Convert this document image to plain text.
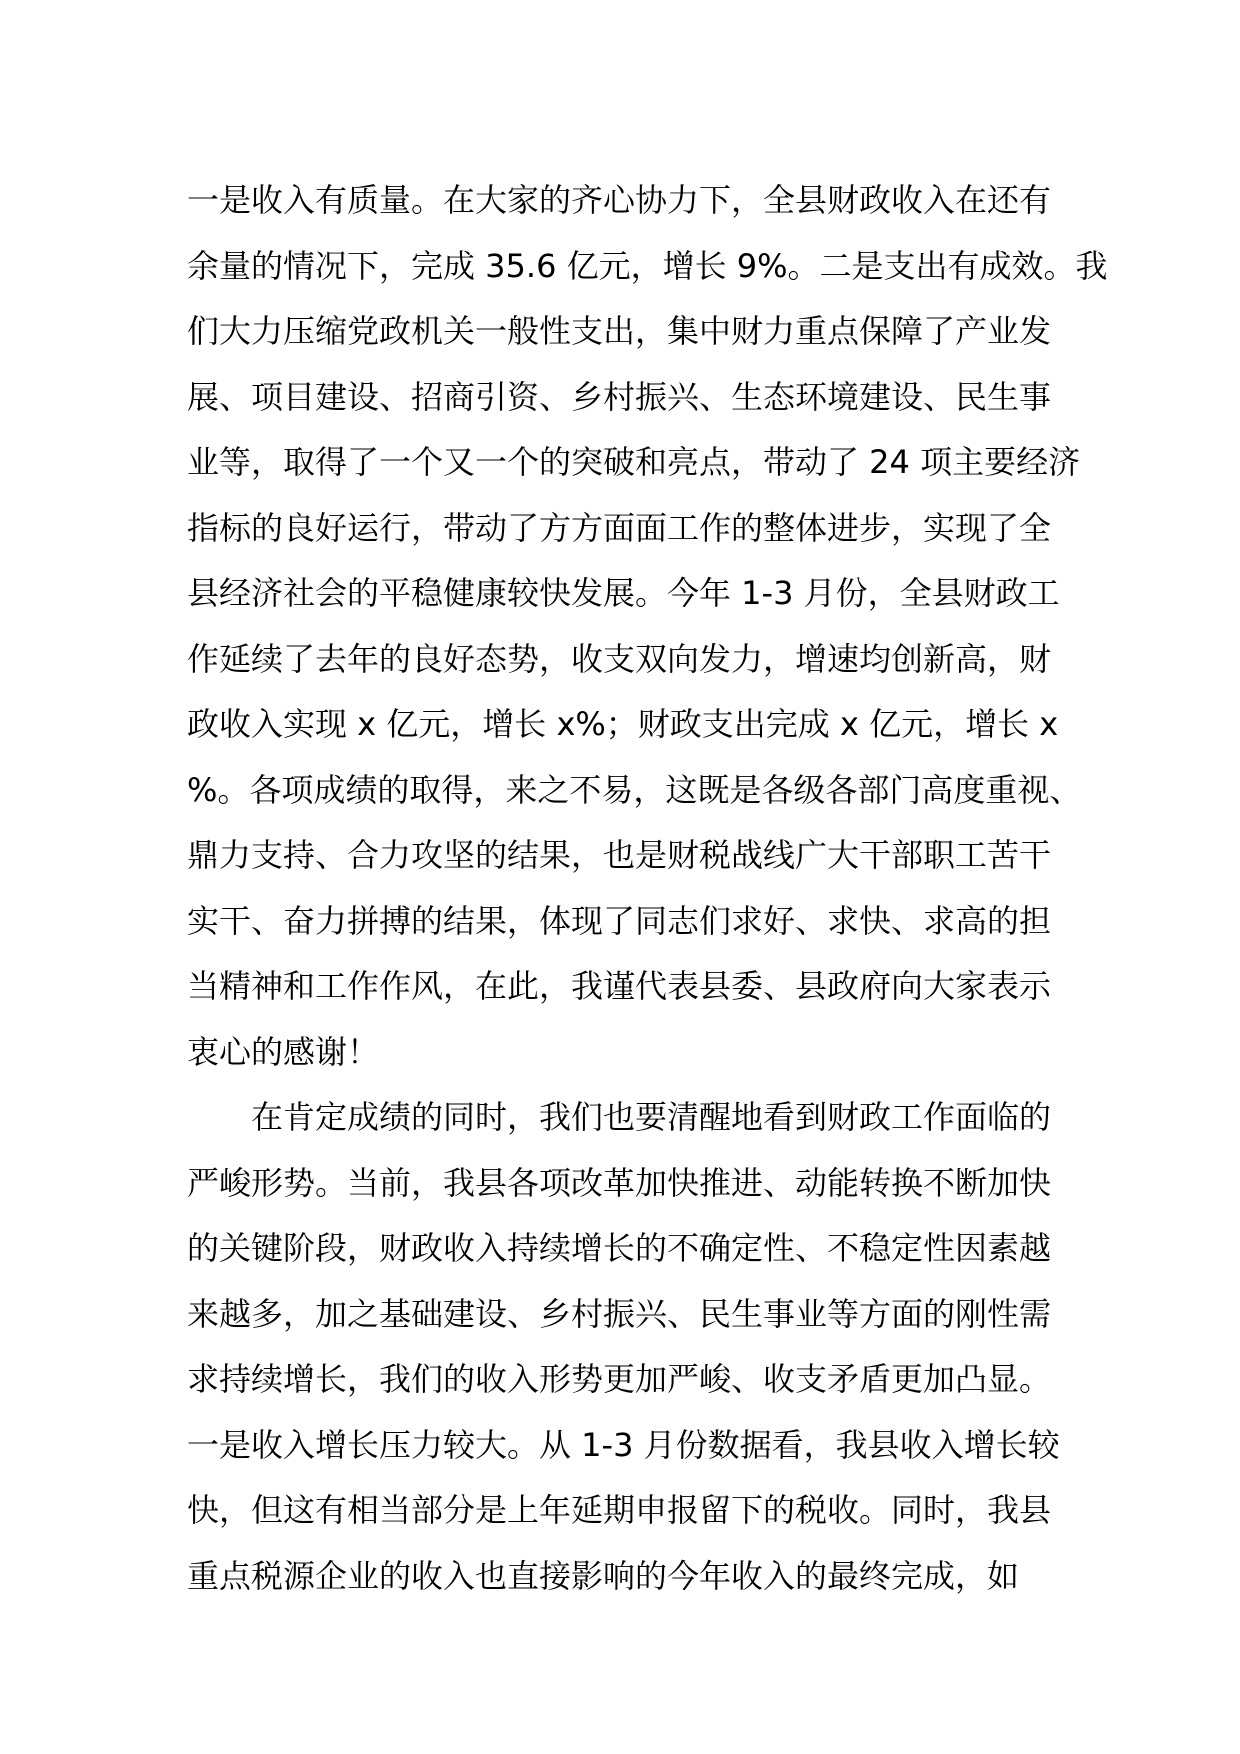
一是收入有质量。在大家的齐心协力下，全县财政收入在还有
余量的情况下，完成 35.6 亿元，增长 9%。二是支出有成效。我
们大力压缩党政机关一般性支出，集中财力重点保障了产业发
展、项目建设、招商引资、乡村振兴、生态环境建设、民生事
业等，取得了一个又一个的突破和亮点，带动了 24 项主要经济
指标的良好运行，带动了方方面面工作的整体进步，实现了全
县经济社会的平稳健康较快发展。今年 1-3 月份，全县财政工
作延续了去年的良好态势，收支双向发力，增速均创新高，财
政收入实现 x 亿元，增长 x%；财政支出完成 x 亿元，增长 x
%。各项成绩的取得，来之不易，这既是各级各部门高度重视、
鼎力支持、合力攻坚的结果，也是财税战线广大干部职工苦干
实干、奋力拼搏的结果，体现了同志们求好、求快、求高的担
当精神和工作作风，在此，我谨代表县委、县政府向大家表示
衷心的感谢！
在肯定成绩的同时，我们也要清醒地看到财政工作面临的
严峻形势。当前，我县各项改革加快推进、动能转换不断加快
的关键阶段，财政收入持续增长的不确定性、不稳定性因素越
来越多，加之基础建设、乡村振兴、民生事业等方面的刚性需
求持续增长，我们的收入形势更加严峻、收支矛盾更加凸显。
一是收入增长压力较大。从 1-3 月份数据看，我县收入增长较
快，但这有相当部分是上年延期申报留下的税收。同时，我县
重点税源企业的收入也直接影响的今年收入的最终完成，如
